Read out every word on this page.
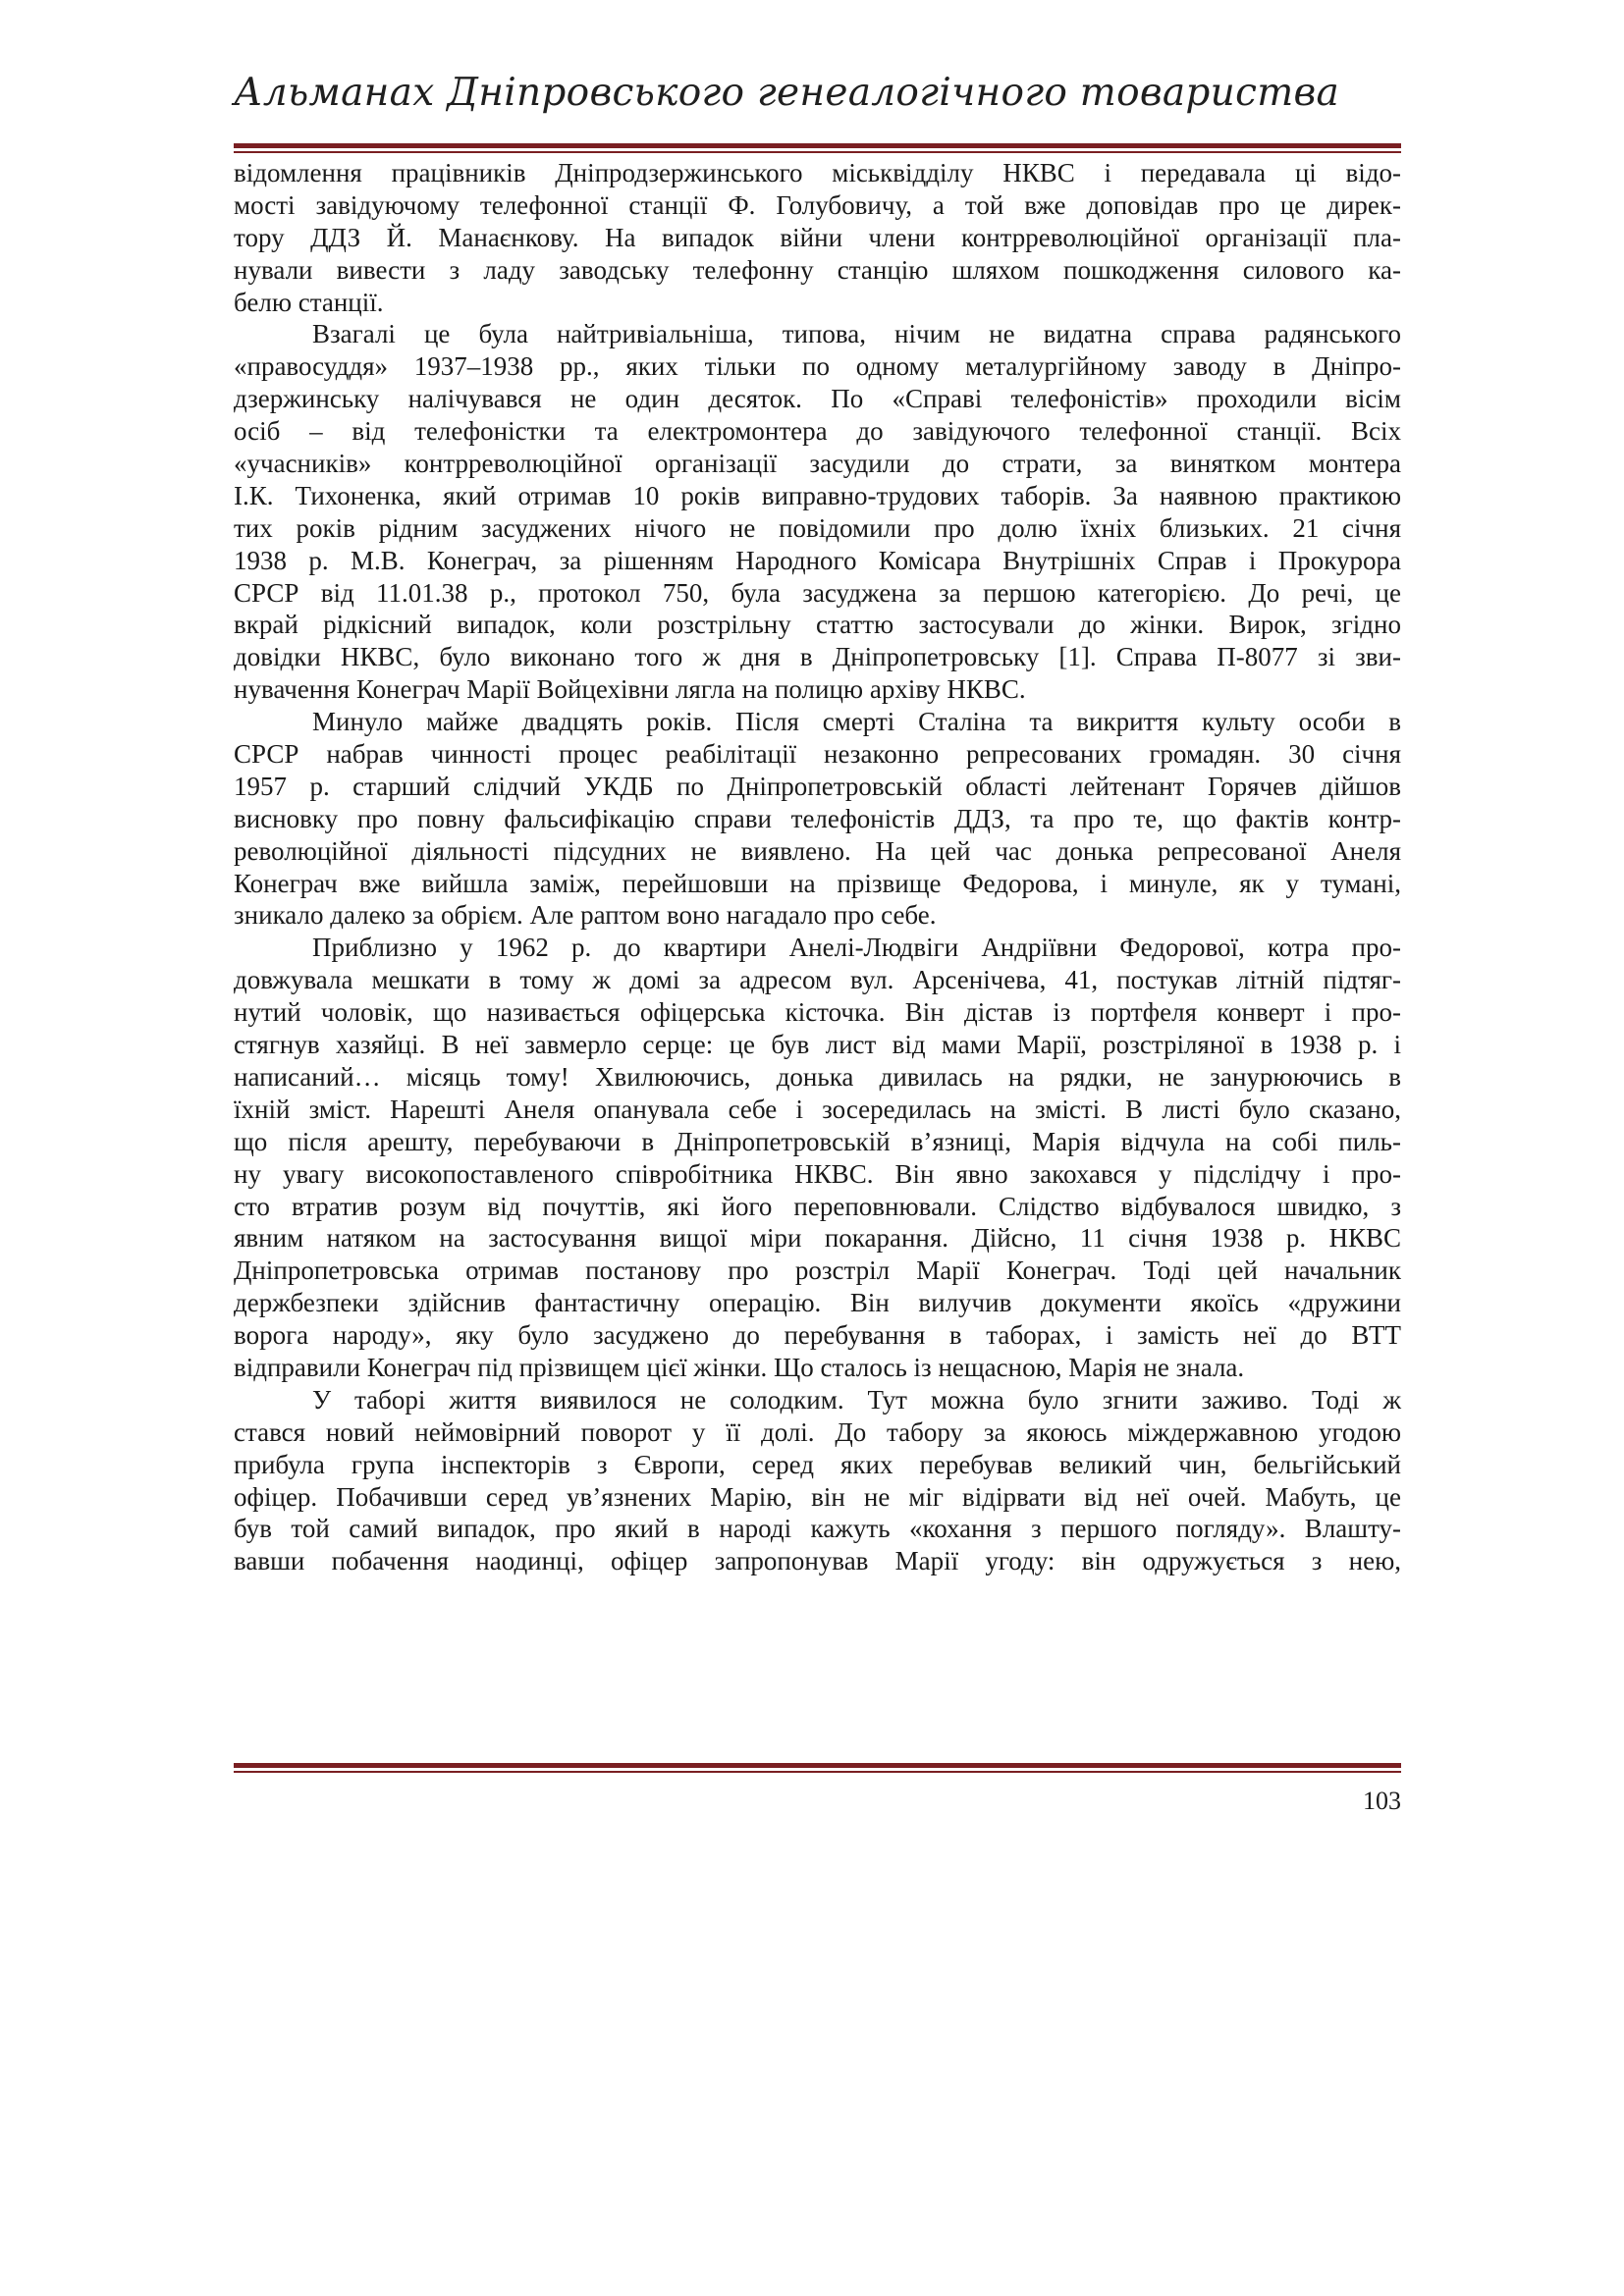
Альманах Дніпровського генеалогічного товариства
відомлення працівників Дніпродзержинського міськвідділу НКВС і передавала ці відо-
мості завідуючому телефонної станції Ф. Голубовичу, а той вже доповідав про це дирек-
тору ДДЗ Й. Манаєнкову. На випадок війни члени контрреволюційної організації пла-
нували вивести з ладу заводську телефонну станцію шляхом пошкодження силового ка-
белю станції.
Взагалі це була найтривіальніша, типова, нічим не видатна справа радянського
«правосуддя» 1937–1938 рр., яких тільки по одному металургійному заводу в Дніпро-
дзержинську налічувався не один десяток. По «Справі телефоністів» проходили вісім
осіб – від телефоністки та електромонтера до завідуючого телефонної станції. Всіх
«учасників» контрреволюційної організації засудили до страти, за винятком монтера
І.К. Тихоненка, який отримав 10 років виправно-трудових таборів. За наявною практикою
тих років рідним засуджених нічого не повідомили про долю їхніх близьких. 21 січня
1938 р. М.В. Конеграч, за рішенням Народного Комісара Внутрішніх Справ і Прокурора
СРСР від 11.01.38 р., протокол 750, була засуджена за першою категорією. До речі, це
вкрай рідкісний випадок, коли розстрільну статтю застосували до жінки. Вирок, згідно
довідки НКВС, було виконано того ж дня в Дніпропетровську [1]. Справа П-8077 зі зви-
нувачення Конеграч Марії Войцехівни лягла на полицю архіву НКВС.
Минуло майже двадцять років. Після смерті Сталіна та викриття культу особи в
СРСР набрав чинності процес реабілітації незаконно репресованих громадян. 30 січня
1957 р. старший слідчий УКДБ по Дніпропетровській області лейтенант Горячев дійшов
висновку про повну фальсифікацію справи телефоністів ДДЗ, та про те, що фактів контр-
революційної діяльності підсудних не виявлено. На цей час донька репресованої Анеля
Конеграч вже вийшла заміж, перейшовши на прізвище Федорова, і минуле, як у тумані,
зникало далеко за обрієм. Але раптом воно нагадало про себе.
Приблизно у 1962 р. до квартири Анелі-Людвіги Андріївни Федорової, котра про-
довжувала мешкати в тому ж домі за адресом вул. Арсенічева, 41, постукав літній підтяг-
нутий чоловік, що називається офіцерська кісточка. Він дістав із портфеля конверт і про-
стягнув хазяйці. В неї завмерло серце: це був лист від мами Марії, розстріляної в 1938 р. і
написаний… місяць тому! Хвилюючись, донька дивилась на рядки, не занурюючись в
їхній зміст. Нарешті Анеля опанувала себе і зосередилась на змісті. В листі було сказано,
що після арешту, перебуваючи в Дніпропетровській в’язниці, Марія відчула на собі пиль-
ну увагу високопоставленого співробітника НКВС. Він явно закохався у підслідчу і про-
сто втратив розум від почуттів, які його переповнювали. Слідство відбувалося швидко, з
явним натяком на застосування вищої міри покарання. Дійсно, 11 січня 1938 р. НКВС
Дніпропетровська отримав постанову про розстріл Марії Конеграч. Тоді цей начальник
держбезпеки здійснив фантастичну операцію. Він вилучив документи якоїсь «дружини
ворога народу», яку було засуджено до перебування в таборах, і замість неї до ВТТ
відправили Конеграч під прізвищем цієї жінки. Що сталось із нещасною, Марія не знала.
У таборі життя виявилося не солодким. Тут можна було згнити заживо. Тоді ж
стався новий неймовірний поворот у її долі. До табору за якоюсь міждержавною угодою
прибула група інспекторів з Європи, серед яких перебував великий чин, бельгійський
офіцер. Побачивши серед ув’язнених Марію, він не міг відірвати від неї очей. Мабуть, це
був той самий випадок, про який в народі кажуть «кохання з першого погляду». Влашту-
вавши побачення наодинці, офіцер запропонував Марії угоду: він одружується з нею,
103
